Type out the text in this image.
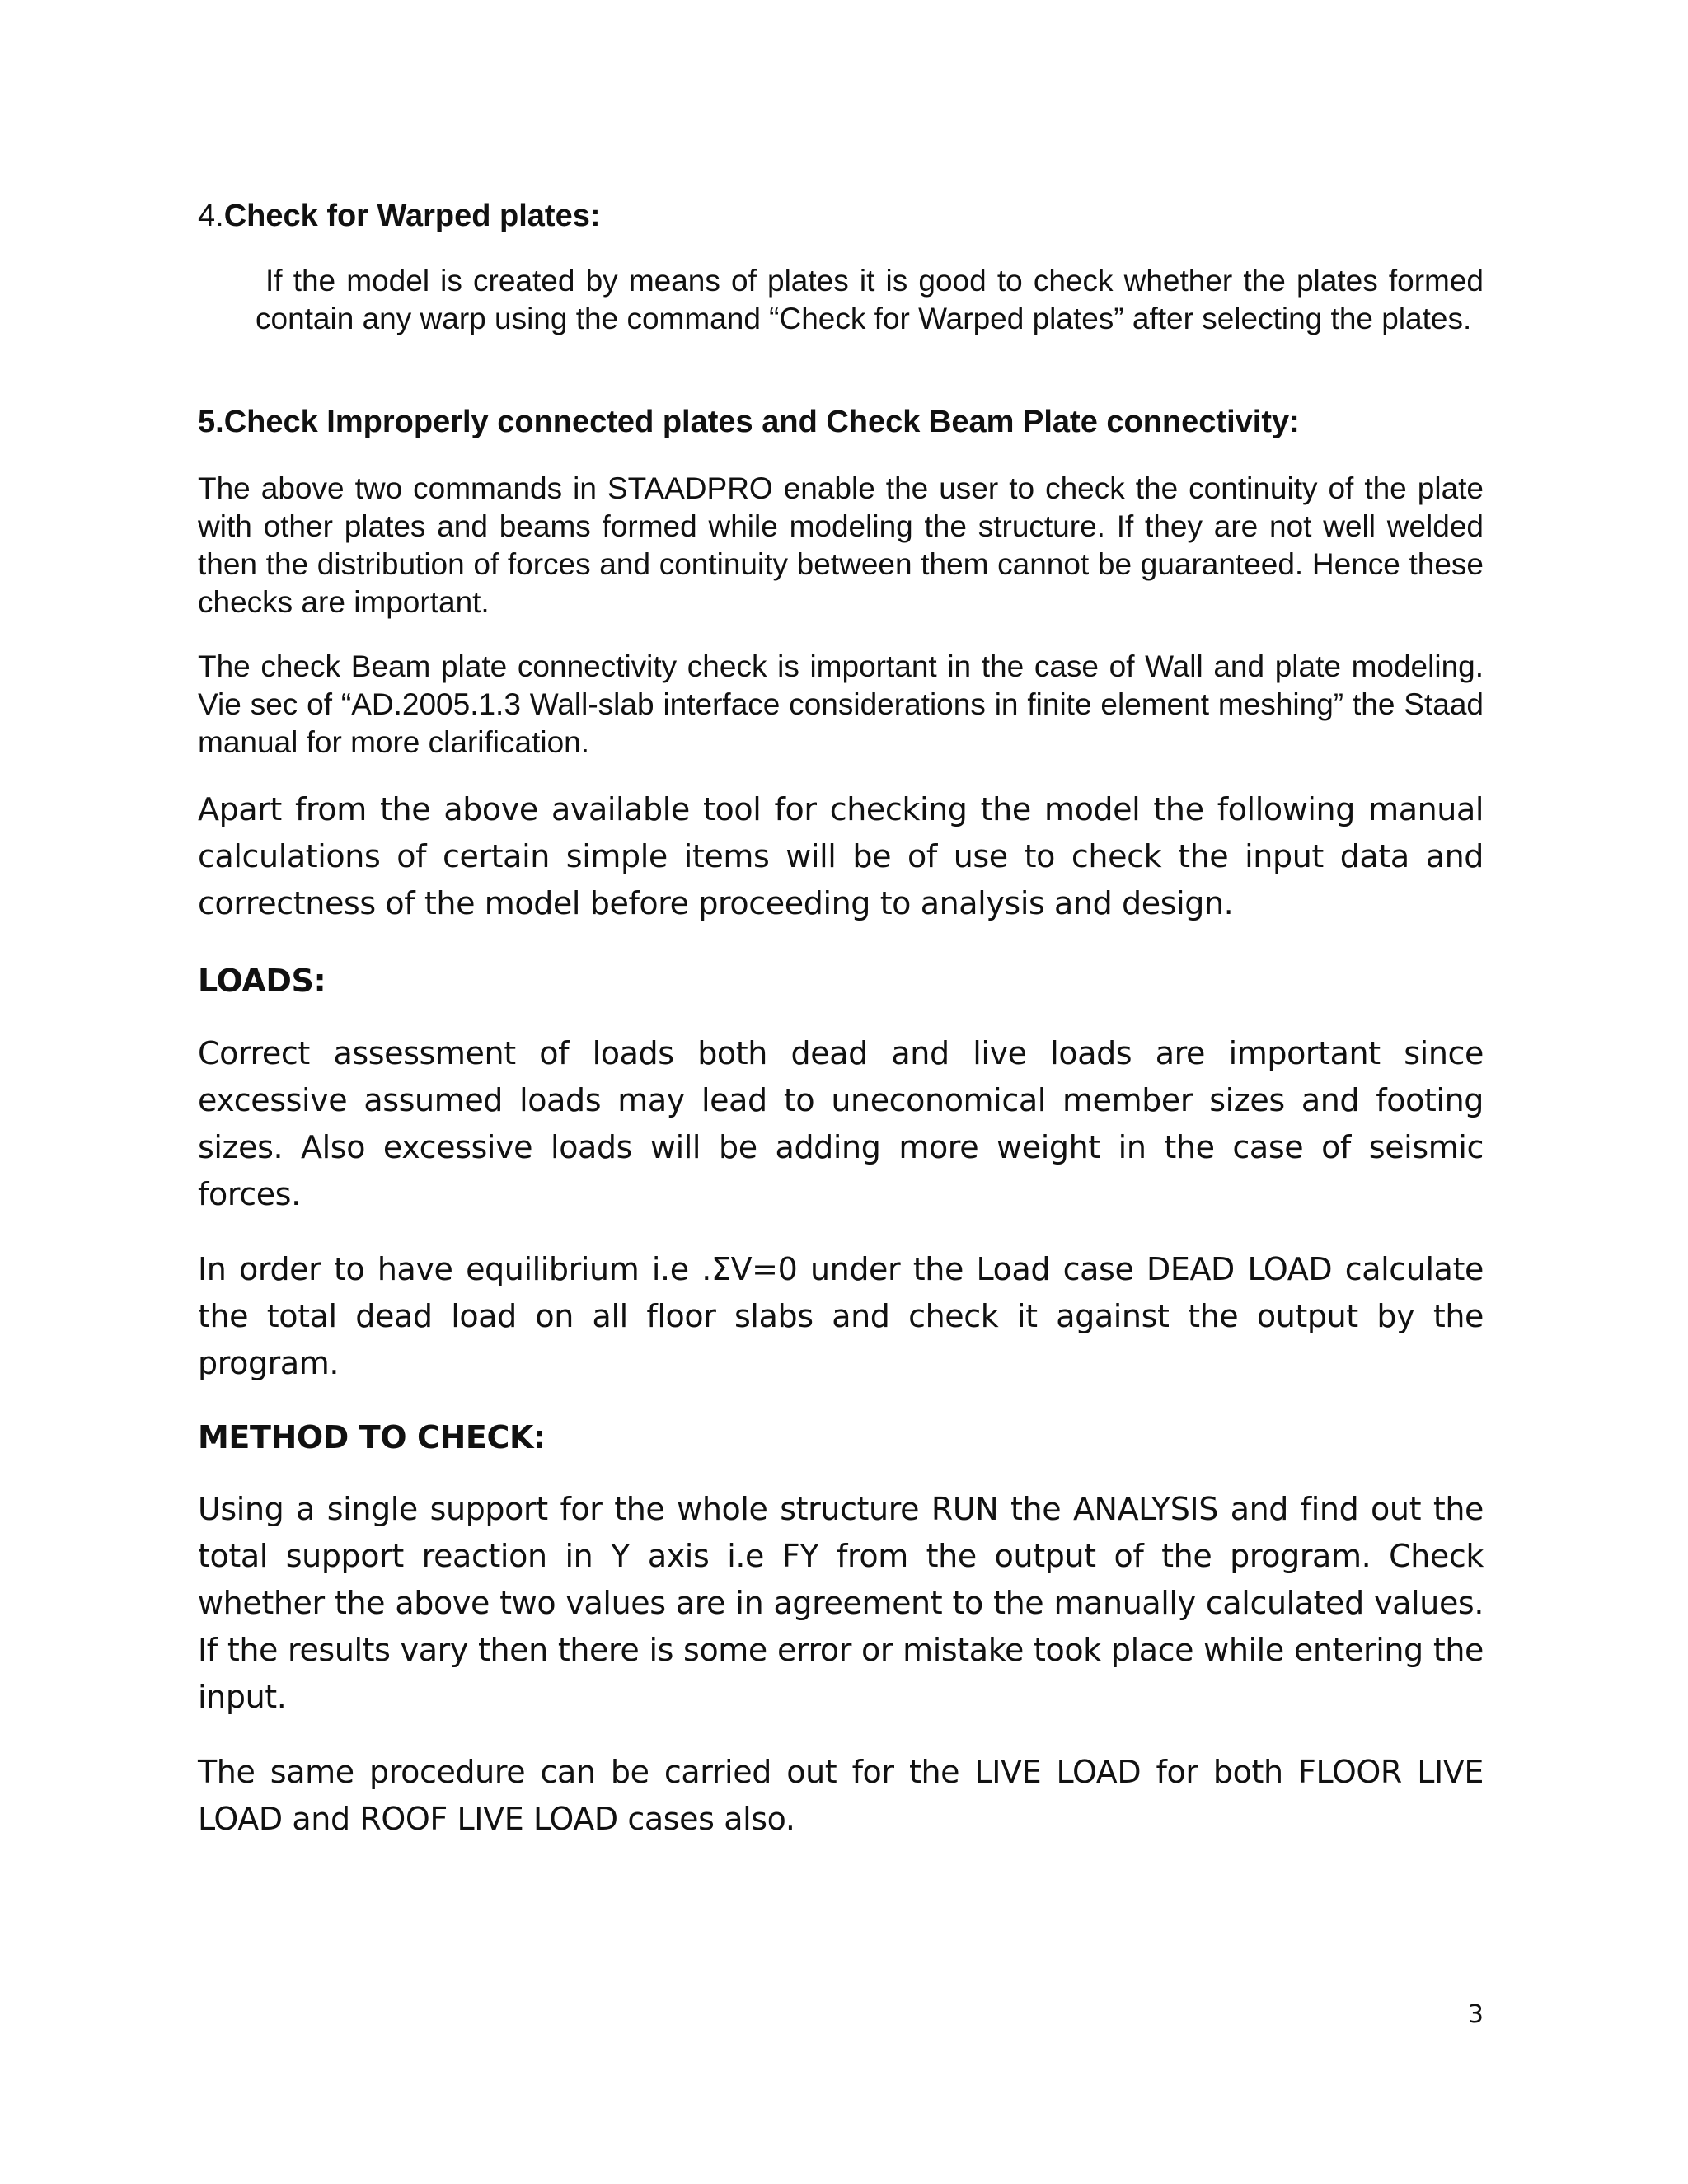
4.Check for Warped plates:

If the model is created by means of plates it is good to check whether the plates formed contain any warp using the command “Check for Warped plates” after selecting the plates.

5.Check Improperly connected plates and Check Beam Plate connectivity:

The above two commands in STAADPRO enable the user to check the continuity of the plate with other plates and beams formed while modeling the structure. If they are not well welded then the distribution of forces and continuity between them cannot be guaranteed. Hence these checks are important.

The check Beam plate connectivity check is important in the case of Wall and plate modeling. Vie sec of “AD.2005.1.3 Wall-slab interface considerations in finite element meshing” the Staad manual for more clarification.

Apart from the above available tool for checking the model the following manual calculations of certain simple items will be of use to check the input data and correctness of the model before proceeding to analysis and design.

LOADS:

Correct assessment of loads both dead and live loads are important since excessive assumed loads may lead to uneconomical member sizes and footing sizes. Also excessive loads will be adding more weight in the case of seismic forces.

In order to have equilibrium i.e .ΣV=0 under the Load case DEAD LOAD calculate the total dead load on all floor slabs and check it against the output by the program.

METHOD TO CHECK:

Using a single support for the whole structure RUN the ANALYSIS and find out the total support reaction in Y axis i.e FY from the output of the program. Check whether the above two values are in agreement to the manually calculated values. If the results vary then there is some error or mistake took place while entering the input.

The same procedure can be carried out for the LIVE LOAD for both FLOOR LIVE LOAD and ROOF LIVE LOAD cases also.

3
